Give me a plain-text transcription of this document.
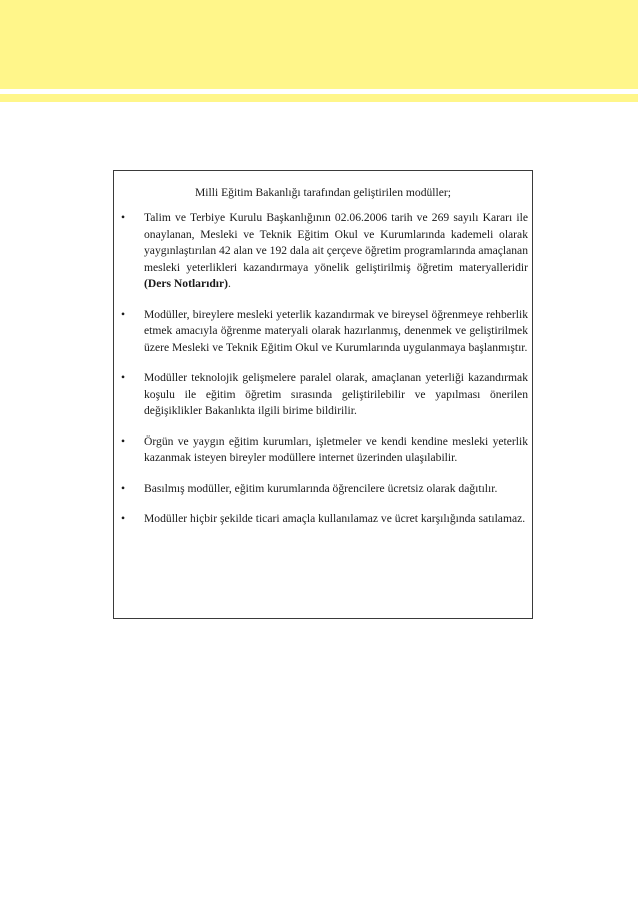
Milli Eğitim Bakanlığı tarafından geliştirilen modüller;
• Talim ve Terbiye Kurulu Başkanlığının 02.06.2006 tarih ve 269 sayılı Kararı ile onaylanan, Mesleki ve Teknik Eğitim Okul ve Kurumlarında kademeli olarak yaygınlaştırılan 42 alan ve 192 dala ait çerçeve öğretim programlarında amaçlanan mesleki yeterlikleri kazandırmaya yönelik geliştirilmiş öğretim materyalleridir (Ders Notlarıdır).
• Modüller, bireylere mesleki yeterlik kazandırmak ve bireysel öğrenmeye rehberlik etmek amacıyla öğrenme materyali olarak hazırlanmış, denenmek ve geliştirilmek üzere Mesleki ve Teknik Eğitim Okul ve Kurumlarında uygulanmaya başlanmıştır.
• Modüller teknolojik gelişmelere paralel olarak, amaçlanan yeterliği kazandırmak koşulu ile eğitim öğretim sırasında geliştirilebilir ve yapılması önerilen değişiklikler Bakanlıkta ilgili birime bildirilir.
• Örgün ve yaygın eğitim kurumları, işletmeler ve kendi kendine mesleki yeterlik kazanmak isteyen bireyler modüllere internet üzerinden ulaşılabilir.
• Basılmış modüller, eğitim kurumlarında öğrencilere ücretsiz olarak dağıtılır.
• Modüller hiçbir şekilde ticari amaçla kullanılamaz ve ücret karşılığında satılamaz.
